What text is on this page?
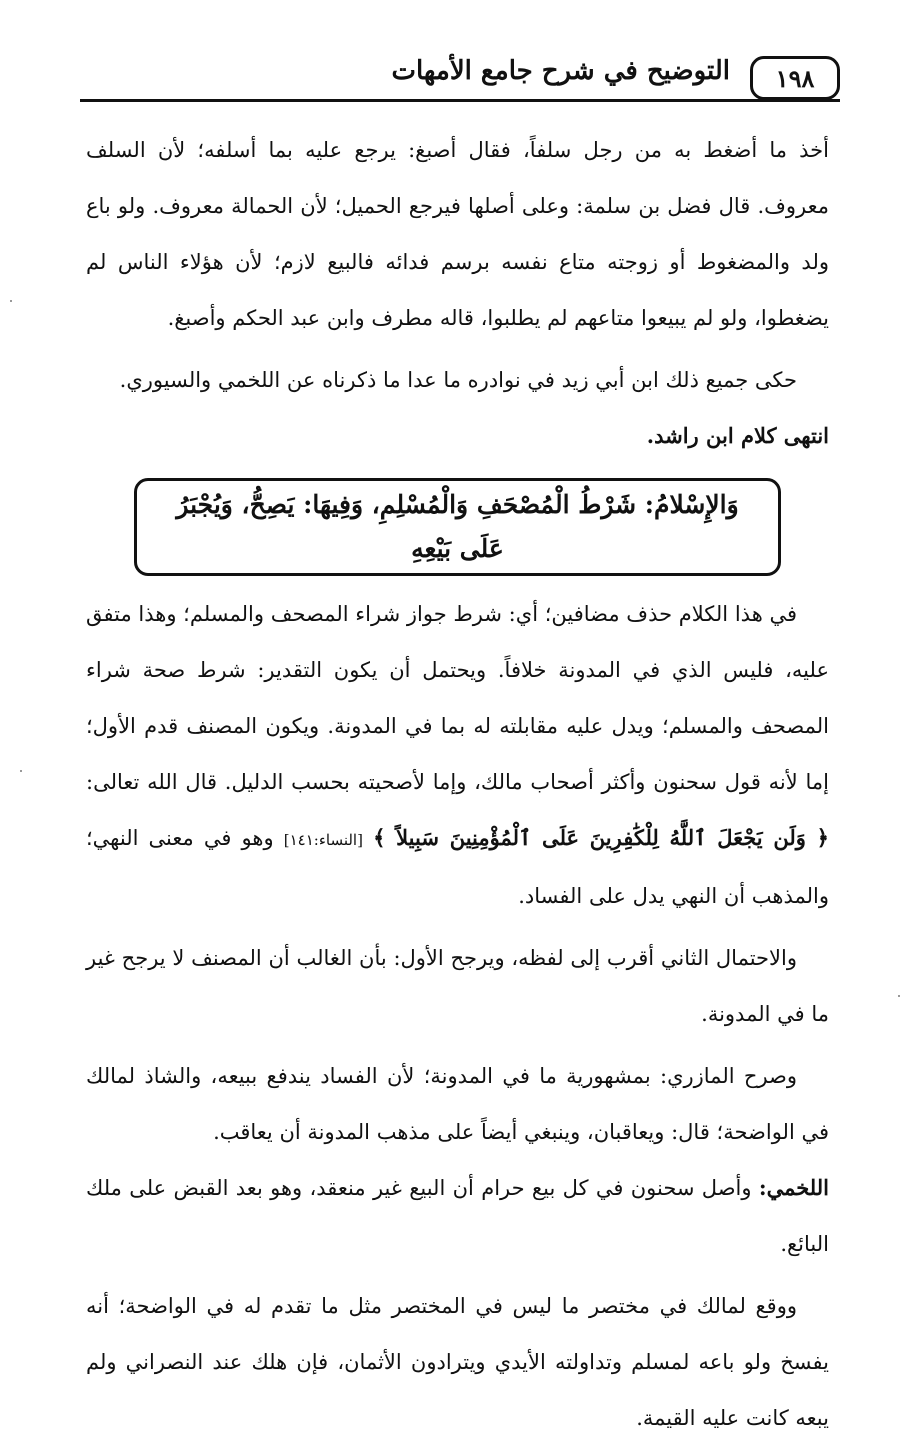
١٩٨
التوضيح في شرح جامع الأمهات

أخذ ما أضغط به من رجل سلفاً، فقال أصبغ: يرجع عليه بما أسلفه؛ لأن السلف معروف. قال فضل بن سلمة: وعلى أصلها فيرجع الحميل؛ لأن الحمالة معروف. ولو باع ولد والمضغوط أو زوجته متاع نفسه برسم فدائه فالبيع لازم؛ لأن هؤلاء الناس لم يضغطوا، ولو لم يبيعوا متاعهم لم يطلبوا، قاله مطرف وابن عبد الحكم وأصبغ.

حكى جميع ذلك ابن أبي زيد في نوادره ما عدا ما ذكرناه عن اللخمي والسيوري.

انتهى كلام ابن راشد.

وَالإِسْلامُ: شَرْطُ الْمُصْحَفِ وَالْمُسْلِمِ، وَفِيهَا: يَصِحُّ، وَيُجْبَرُ عَلَى بَيْعِهِ

في هذا الكلام حذف مضافين؛ أي: شرط جواز شراء المصحف والمسلم؛ وهذا متفق عليه، فليس الذي في المدونة خلافاً. ويحتمل أن يكون التقدير: شرط صحة شراء المصحف والمسلم؛ ويدل عليه مقابلته له بما في المدونة. ويكون المصنف قدم الأول؛ إما لأنه قول سحنون وأكثر أصحاب مالك، وإما لأصحيته بحسب الدليل. قال الله تعالى: ﴿ وَلَن يَجْعَلَ ٱللَّهُ لِلْكَٰفِرِينَ عَلَى ٱلْمُؤْمِنِينَ سَبِيلاً ﴾ [النساء:١٤١] وهو في معنى النهي؛ والمذهب أن النهي يدل على الفساد.

والاحتمال الثاني أقرب إلى لفظه، ويرجح الأول: بأن الغالب أن المصنف لا يرجح غير ما في المدونة.

وصرح المازري: بمشهورية ما في المدونة؛ لأن الفساد يندفع ببيعه، والشاذ لمالك في الواضحة؛ قال: ويعاقبان، وينبغي أيضاً على مذهب المدونة أن يعاقب.

اللخمي: وأصل سحنون في كل بيع حرام أن البيع غير منعقد، وهو بعد القبض على ملك البائع.

ووقع لمالك في مختصر ما ليس في المختصر مثل ما تقدم له في الواضحة؛ أنه يفسخ ولو باعه لمسلم وتداولته الأيدي ويترادون الأثمان، فإن هلك عند النصراني ولم يبعه كانت عليه القيمة.
